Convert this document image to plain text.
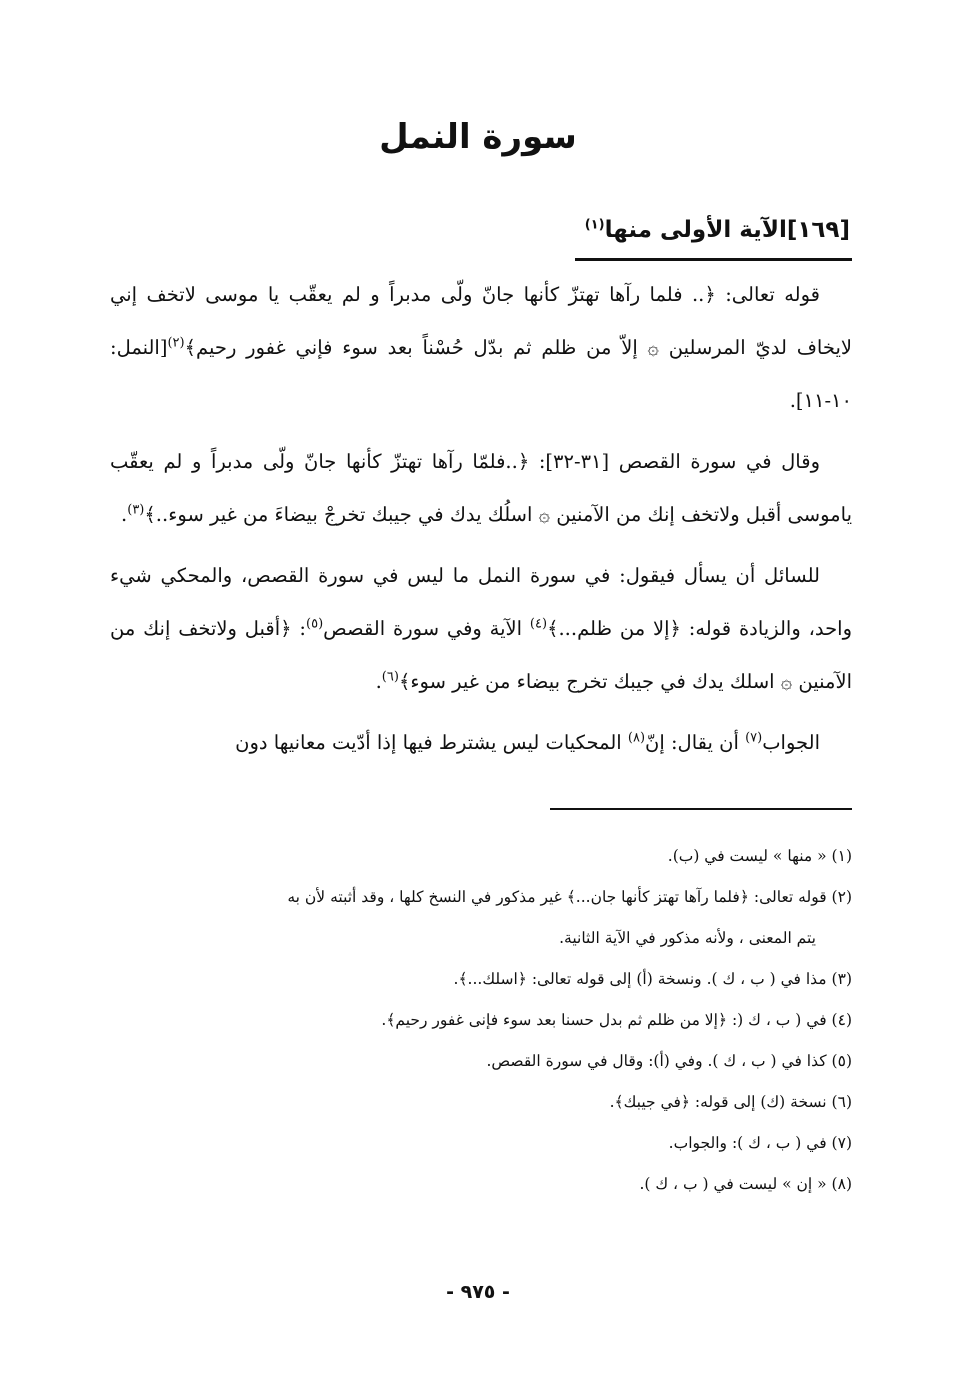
سورة النمل
[١٦٩]الآية الأولى منها$^{(١)}$

قوله تعالى: ﴿.. فلما رآها تهتزّ كأنها جانّ ولّى مدبراً و لم يعقّب يا موسى لاتخف إني لايخاف لديّ المرسلين ۞ إلاّ من ظلم ثم بدّل حُسْناً بعد سوء فإني غفور رحيم﴾$^{(٢)}$[النمل: ١٠-١١].

وقال في سورة القصص [٣١-٣٢]: ﴿..فلمّا رآها تهتزّ كأنها جانّ ولّى مدبراً و لم يعقّب ياموسى أقبل ولاتخف إنك من الآمنين ۞ اسلُك يدك في جيبك تخرجْ بيضاءَ من غير سوء..﴾$^{(٣)}$.

للسائل أن يسأل فيقول: في سورة النمل ما ليس في سورة القصص، والمحكي شيء واحد، والزيادة قوله: ﴿إلا من ظلم...﴾$^{(٤)}$ الآية وفي سورة القصص$^{(٥)}$: ﴿أقبل ولاتخف إنك من الآمنين ۞ اسلك يدك في جيبك تخرج بيضاء من غير سوء﴾$^{(٦)}$.

الجواب$^{(٧)}$ أن يقال: إنّ$^{(٨)}$ المحكيات ليس يشترط فيها إذا أدّيت معانيها دون

(١) « منها » ليست في (ب).

(٢) قوله تعالى: ﴿فلما رآها تهتز كأنها جان...﴾ غير مذكور في النسخ كلها ، وقد أثبته لأن به

يتم المعنى ، ولأنه مذكور في الآية الثانية.

(٣) مذا في ( ب ، ك ). ونسخة (أ) إلى قوله تعالى: ﴿اسلك...﴾.

(٤) في ( ب ، ك (: ﴿إلا من ظلم ثم بدل حسنا بعد سوء فإنى غفور رحيم﴾.

(٥) كذا في ( ب ، ك ). وفي (أ): وقال في سورة القصص.

(٦) نسخة (ك) إلى قوله: ﴿في جيبك﴾.

(٧) في ( ب ، ك ): والجواب.

(٨) « إن » ليست في ( ب ، ك ).

- ٩٧٥ -
